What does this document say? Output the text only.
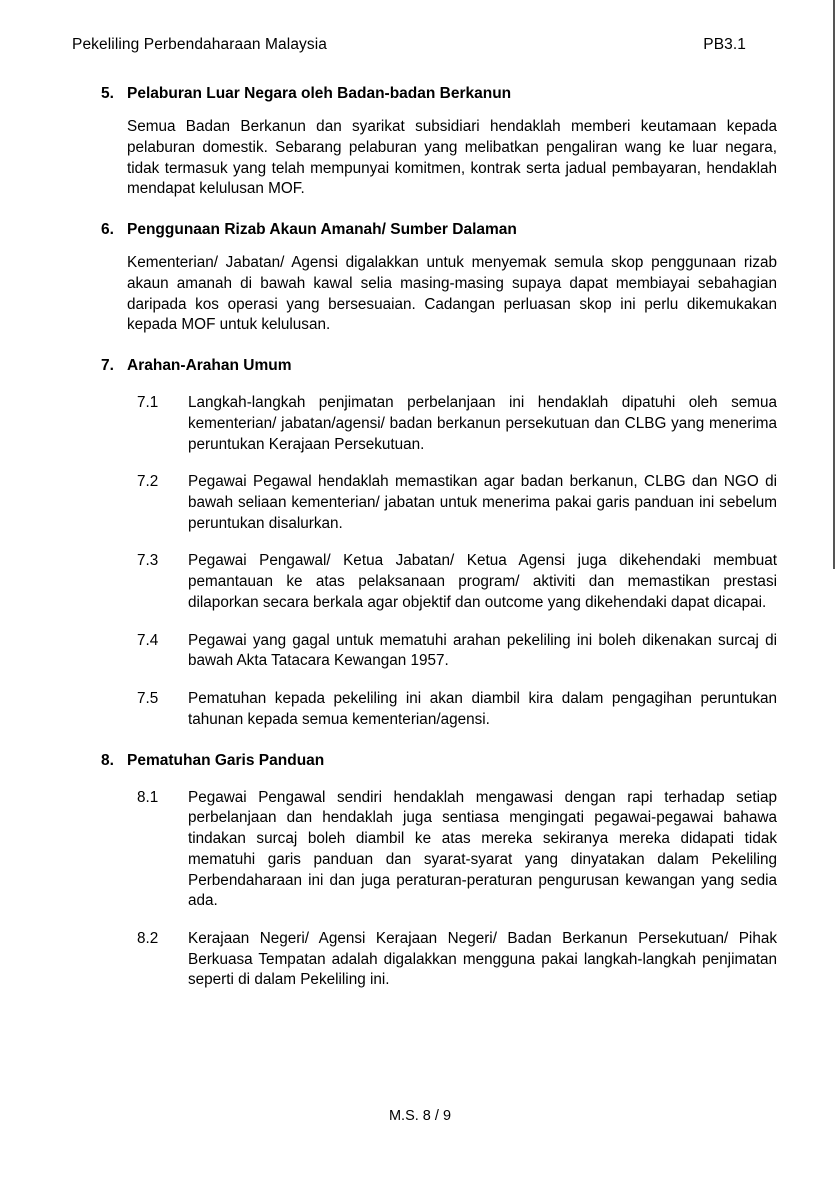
Pekeliling Perbendaharaan Malaysia	PB3.1
5. Pelaburan Luar Negara oleh Badan-badan Berkanun

Semua Badan Berkanun dan syarikat subsidiari hendaklah memberi keutamaan kepada pelaburan domestik. Sebarang pelaburan yang melibatkan pengaliran wang ke luar negara, tidak termasuk yang telah mempunyai komitmen, kontrak serta jadual pembayaran, hendaklah mendapat kelulusan MOF.

6. Penggunaan Rizab Akaun Amanah/ Sumber Dalaman

Kementerian/ Jabatan/ Agensi digalakkan untuk menyemak semula skop penggunaan rizab akaun amanah di bawah kawal selia masing-masing supaya dapat membiayai sebahagian daripada kos operasi yang bersesuaian. Cadangan perluasan skop ini perlu dikemukakan kepada MOF untuk kelulusan.

7. Arahan-Arahan Umum
7.1	Langkah-langkah penjimatan perbelanjaan ini hendaklah dipatuhi oleh semua kementerian/ jabatan/agensi/ badan berkanun persekutuan dan CLBG yang menerima peruntukan Kerajaan Persekutuan.
7.2	Pegawai Pegawal hendaklah memastikan agar badan berkanun, CLBG dan NGO di bawah seliaan kementerian/ jabatan untuk menerima pakai garis panduan ini sebelum peruntukan disalurkan.
7.3	Pegawai Pengawal/ Ketua Jabatan/ Ketua Agensi juga dikehendaki membuat pemantauan ke atas pelaksanaan program/ aktiviti dan memastikan prestasi dilaporkan secara berkala agar objektif dan outcome yang dikehendaki dapat dicapai.
7.4	Pegawai yang gagal untuk mematuhi arahan pekeliling ini boleh dikenakan surcaj di bawah Akta Tatacara Kewangan 1957.
7.5	Pematuhan kepada pekeliling ini akan diambil kira dalam pengagihan peruntukan tahunan kepada semua kementerian/agensi.
8. Pematuhan Garis Panduan
8.1	Pegawai Pengawal sendiri hendaklah mengawasi dengan rapi terhadap setiap perbelanjaan dan hendaklah juga sentiasa mengingati pegawai-pegawai bahawa tindakan surcaj boleh diambil ke atas mereka sekiranya mereka didapati tidak mematuhi garis panduan dan syarat-syarat yang dinyatakan dalam Pekeliling Perbendaharaan ini dan juga peraturan-peraturan pengurusan kewangan yang sedia ada.
8.2	Kerajaan Negeri/ Agensi Kerajaan Negeri/ Badan Berkanun Persekutuan/ Pihak Berkuasa Tempatan adalah digalakkan mengguna pakai langkah-langkah penjimatan seperti di dalam Pekeliling ini.
M.S. 8 / 9
